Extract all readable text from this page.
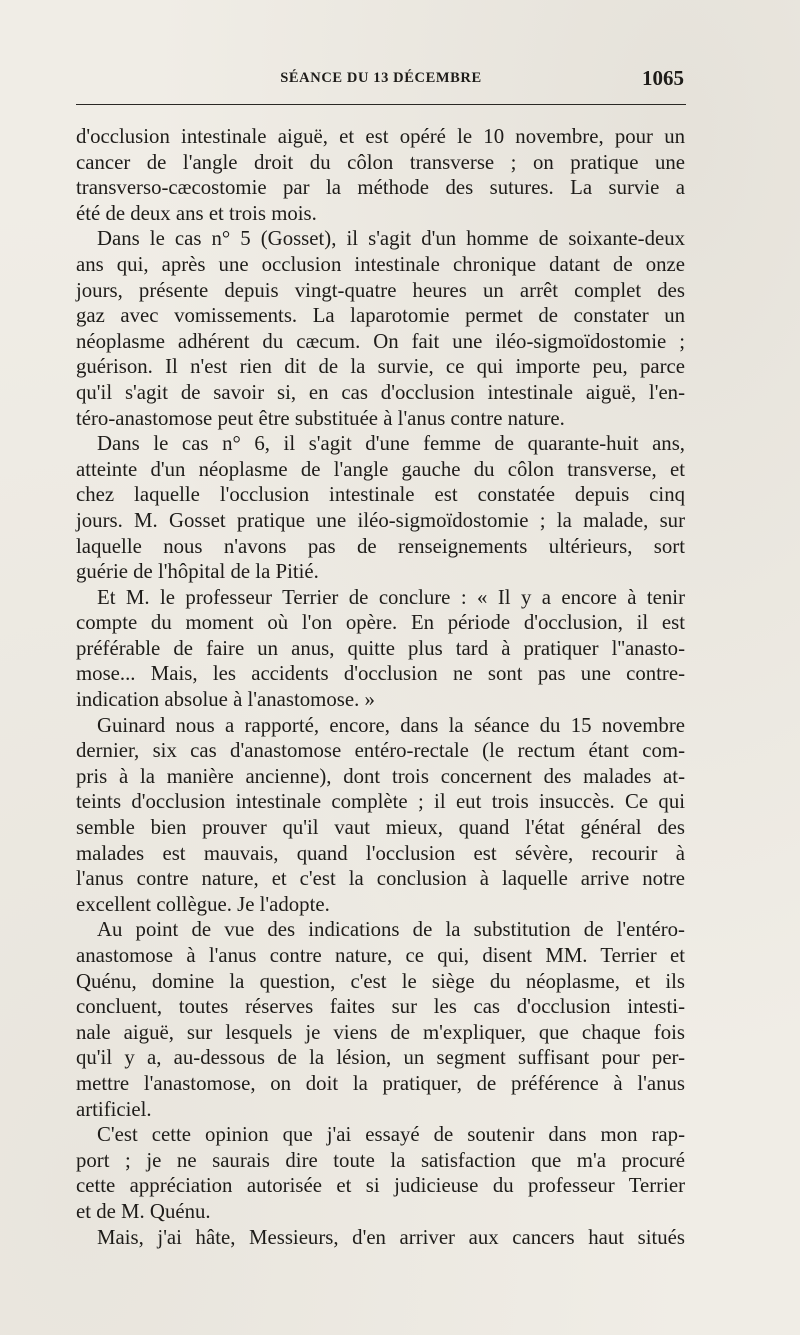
SÉANCE DU 13 DÉCEMBRE	1065
d'occlusion intestinale aiguë, et est opéré le 10 novembre, pour un
cancer de l'angle droit du côlon transverse ; on pratique une
transverso-cæcostomie par la méthode des sutures. La survie a
été de deux ans et trois mois.
Dans le cas n° 5 (Gosset), il s'agit d'un homme de soixante-deux
ans qui, après une occlusion intestinale chronique datant de onze
jours, présente depuis vingt-quatre heures un arrêt complet des
gaz avec vomissements. La laparotomie permet de constater un
néoplasme adhérent du cæcum. On fait une iléo-sigmoïdostomie ;
guérison. Il n'est rien dit de la survie, ce qui importe peu, parce
qu'il s'agit de savoir si, en cas d'occlusion intestinale aiguë, l'en-
téro-anastomose peut être substituée à l'anus contre nature.
Dans le cas n° 6, il s'agit d'une femme de quarante-huit ans,
atteinte d'un néoplasme de l'angle gauche du côlon transverse, et
chez laquelle l'occlusion intestinale est constatée depuis cinq
jours. M. Gosset pratique une iléo-sigmoïdostomie ; la malade, sur
laquelle nous n'avons pas de renseignements ultérieurs, sort
guérie de l'hôpital de la Pitié.
Et M. le professeur Terrier de conclure : « Il y a encore à tenir
compte du moment où l'on opère. En période d'occlusion, il est
préférable de faire un anus, quitte plus tard à pratiquer l''anasto-
mose... Mais, les accidents d'occlusion ne sont pas une contre-
indication absolue à l'anastomose. »
Guinard nous a rapporté, encore, dans la séance du 15 novembre
dernier, six cas d'anastomose entéro-rectale (le rectum étant com-
pris à la manière ancienne), dont trois concernent des malades at-
teints d'occlusion intestinale complète ; il eut trois insuccès. Ce qui
semble bien prouver qu'il vaut mieux, quand l'état général des
malades est mauvais, quand l'occlusion est sévère, recourir à
l'anus contre nature, et c'est la conclusion à laquelle arrive notre
excellent collègue. Je l'adopte.
Au point de vue des indications de la substitution de l'entéro-
anastomose à l'anus contre nature, ce qui, disent MM. Terrier et
Quénu, domine la question, c'est le siège du néoplasme, et ils
concluent, toutes réserves faites sur les cas d'occlusion intesti-
nale aiguë, sur lesquels je viens de m'expliquer, que chaque fois
qu'il y a, au-dessous de la lésion, un segment suffisant pour per-
mettre l'anastomose, on doit la pratiquer, de préférence à l'anus
artificiel.
C'est cette opinion que j'ai essayé de soutenir dans mon rap-
port ; je ne saurais dire toute la satisfaction que m'a procuré
cette appréciation autorisée et si judicieuse du professeur Terrier
et de M. Quénu.
Mais, j'ai hâte, Messieurs, d'en arriver aux cancers haut situés
